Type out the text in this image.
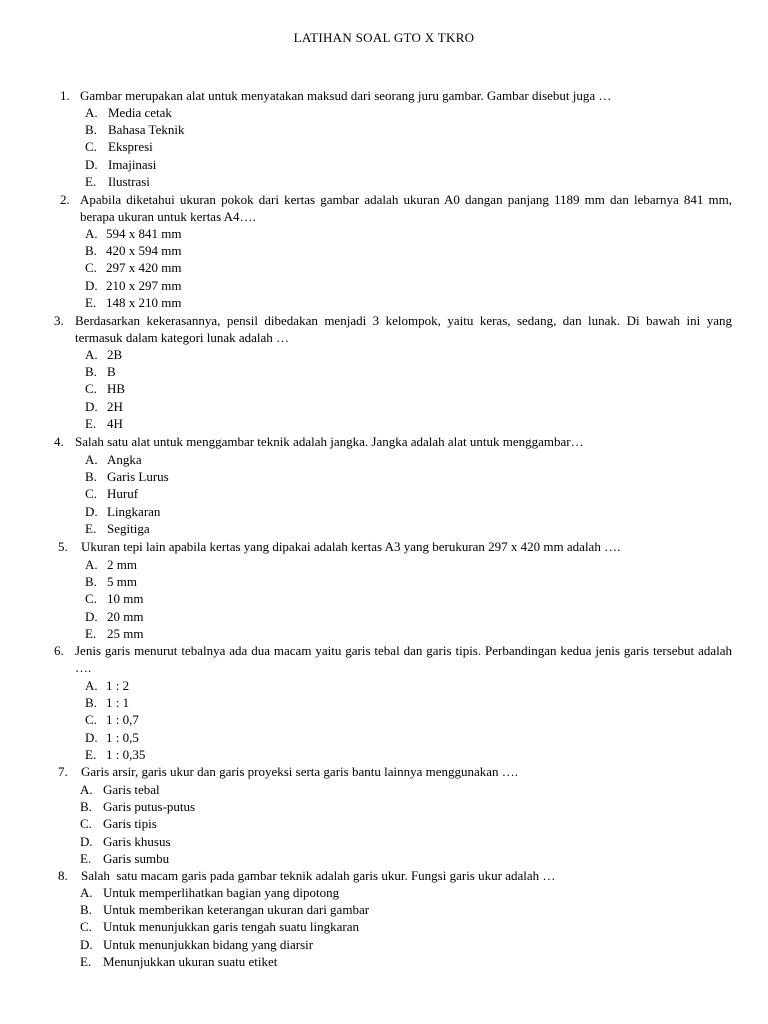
LATIHAN SOAL GTO X TKRO
1. Gambar merupakan alat untuk menyatakan maksud dari seorang juru gambar. Gambar disebut juga …
A. Media cetak
B. Bahasa Teknik
C. Ekspresi
D. Imajinasi
E. Ilustrasi
2. Apabila diketahui ukuran pokok dari kertas gambar adalah ukuran A0 dangan panjang 1189 mm dan lebarnya 841 mm, berapa ukuran untuk kertas A4….
A. 594 x 841 mm
B. 420 x 594 mm
C. 297 x 420 mm
D. 210 x 297 mm
E. 148 x 210 mm
3. Berdasarkan kekerasannya, pensil dibedakan menjadi 3 kelompok, yaitu keras, sedang, dan lunak. Di bawah ini yang termasuk dalam kategori lunak adalah …
A. 2B
B. B
C. HB
D. 2H
E. 4H
4. Salah satu alat untuk menggambar teknik adalah jangka. Jangka adalah alat untuk menggambar…
A. Angka
B. Garis Lurus
C. Huruf
D. Lingkaran
E. Segitiga
5.	Ukuran tepi lain apabila kertas yang dipakai adalah kertas A3 yang berukuran 297 x 420 mm adalah ….
A. 2 mm
B. 5 mm
C. 10 mm
D. 20 mm
E. 25 mm
6. Jenis garis menurut tebalnya ada dua macam yaitu garis tebal dan garis tipis. Perbandingan kedua jenis garis tersebut adalah ….
A. 1 : 2
B. 1 : 1
C. 1 : 0,7
D. 1 : 0,5
E. 1 : 0,35
7.	Garis arsir, garis ukur dan garis proyeksi serta garis bantu lainnya menggunakan ….
A. Garis tebal
B. Garis putus-putus
C. Garis tipis
D. Garis khusus
E. Garis sumbu
8.	Salah  satu macam garis pada gambar teknik adalah garis ukur. Fungsi garis ukur adalah …
A. Untuk memperlihatkan bagian yang dipotong
B. Untuk memberikan keterangan ukuran dari gambar
C. Untuk menunjukkan garis tengah suatu lingkaran
D. Untuk menunjukkan bidang yang diarsir
E. Menunjukkan ukuran suatu etiket
